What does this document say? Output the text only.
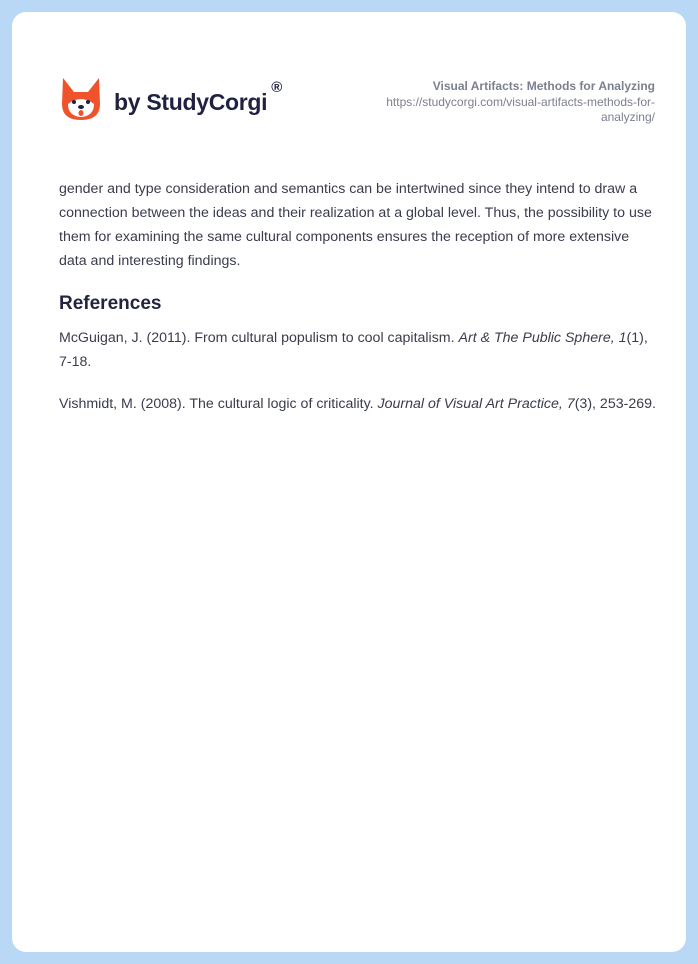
by StudyCorgi®	Visual Artifacts: Methods for Analyzing
https://studycorgi.com/visual-artifacts-methods-for-analyzing/
gender and type consideration and semantics can be intertwined since they intend to draw a connection between the ideas and their realization at a global level. Thus, the possibility to use them for examining the same cultural components ensures the reception of more extensive data and interesting findings.
References
McGuigan, J. (2011). From cultural populism to cool capitalism. Art & The Public Sphere, 1(1), 7-18.
Vishmidt, M. (2008). The cultural logic of criticality. Journal of Visual Art Practice, 7(3), 253-269.
